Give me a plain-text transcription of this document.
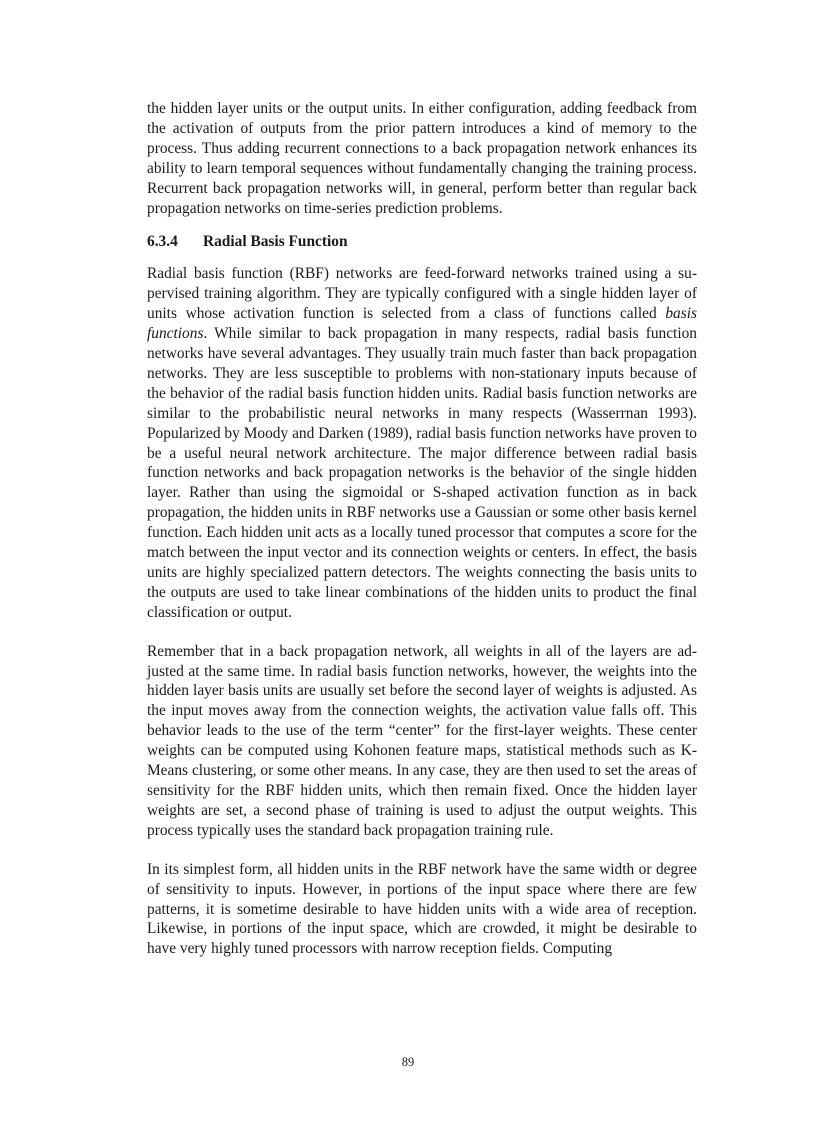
the hidden layer units or the output units. In either configuration, adding feedback from the activation of outputs from the prior pattern introduces a kind of memory to the process. Thus adding recurrent connections to a back propagation network enhances its ability to learn temporal sequences without fundamentally changing the training process. Recurrent back propagation networks will, in general, perform better than regular back propagation networks on time-series prediction problems.

6.3.4	Radial Basis Function

Radial basis function (RBF) networks are feed-forward networks trained using a supervised training algorithm. They are typically configured with a single hidden layer of units whose activation function is selected from a class of functions called basis functions. While similar to back propagation in many respects, radial basis function networks have several advantages. They usually train much faster than back propagation networks. They are less susceptible to problems with non-stationary inputs because of the behavior of the radial basis function hidden units. Radial basis function networks are similar to the probabilistic neural networks in many respects (Wasserrnan 1993). Popularized by Moody and Darken (1989), radial basis function networks have proven to be a useful neural network architecture. The major difference between radial basis function networks and back propagation networks is the behavior of the single hidden layer. Rather than using the sigmoidal or S-shaped activation function as in back propagation, the hidden units in RBF networks use a Gaussian or some other basis kernel function. Each hidden unit acts as a locally tuned processor that computes a score for the match between the input vector and its connection weights or centers. In effect, the basis units are highly specialized pattern detectors. The weights connecting the basis units to the outputs are used to take linear combinations of the hidden units to product the final classification or output.

Remember that in a back propagation network, all weights in all of the layers are adjusted at the same time. In radial basis function networks, however, the weights into the hidden layer basis units are usually set before the second layer of weights is adjusted. As the input moves away from the connection weights, the activation value falls off. This behavior leads to the use of the term “center” for the first-layer weights. These center weights can be computed using Kohonen feature maps, statistical methods such as K-Means clustering, or some other means. In any case, they are then used to set the areas of sensitivity for the RBF hidden units, which then remain fixed. Once the hidden layer weights are set, a second phase of training is used to adjust the output weights. This process typically uses the standard back propagation training rule.

In its simplest form, all hidden units in the RBF network have the same width or degree of sensitivity to inputs. However, in portions of the input space where there are few patterns, it is sometime desirable to have hidden units with a wide area of reception. Likewise, in portions of the input space, which are crowded, it might be desirable to have very highly tuned processors with narrow reception fields. Computing

89
